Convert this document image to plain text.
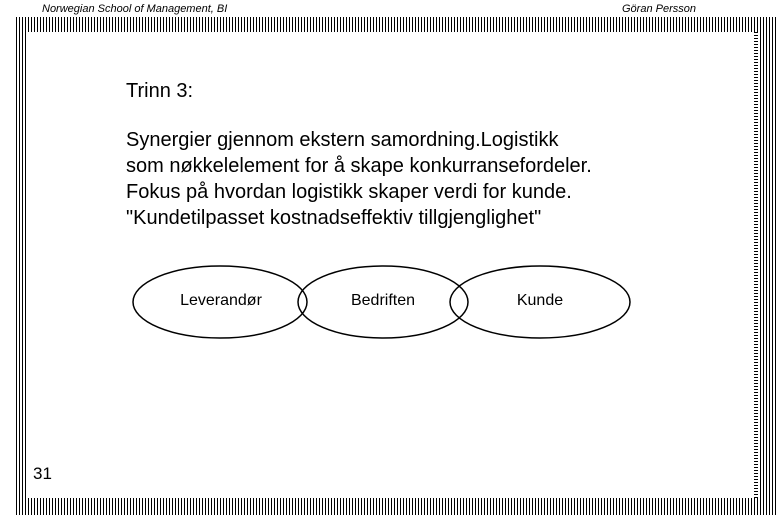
Norwegian School of Management, BI	Göran Persson
Trinn 3:
Synergier gjennom ekstern samordning.Logistikk
som nøkkelelement for å skape konkurransefordeler.
Fokus på hvordan logistikk skaper verdi for kunde.
"Kundetilpasset kostnadseffektiv tillgjenglighet"
Leverandør	Bedriften	Kunde
31
